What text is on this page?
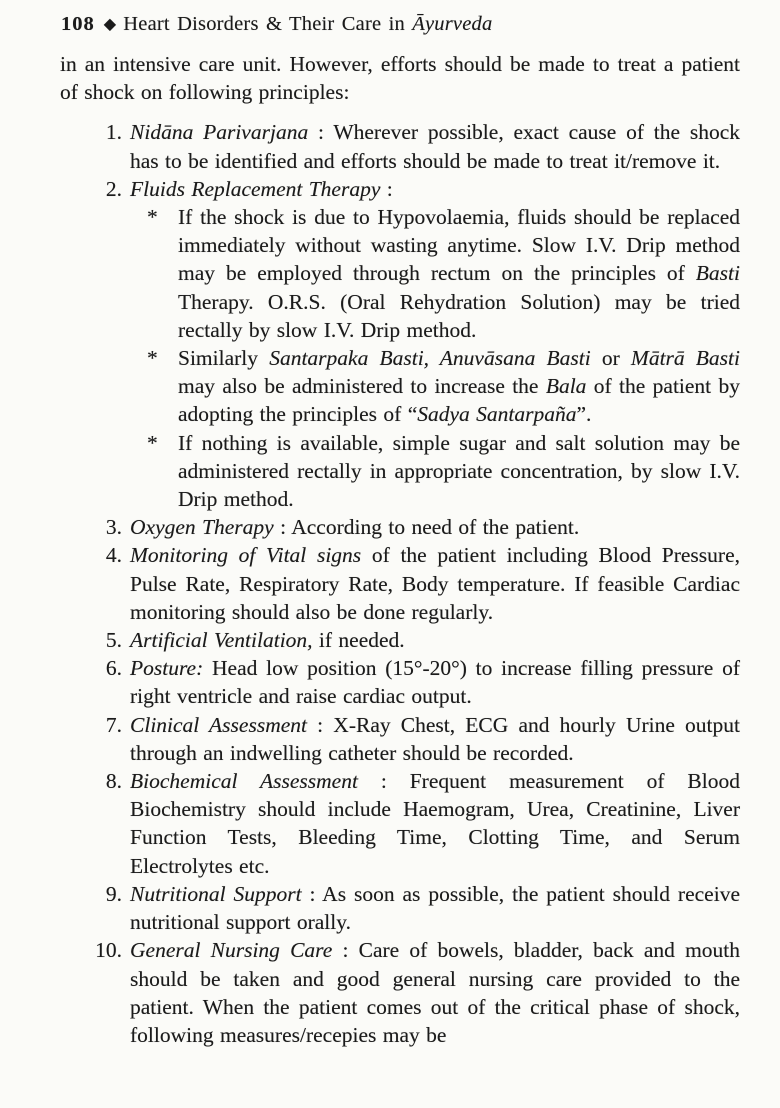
108 ◆ Heart Disorders & Their Care in Āyurveda

in an intensive care unit. However, efforts should be made to treat a patient of shock on following principles:

1. Nidāna Parivarjana : Wherever possible, exact cause of the shock has to be identified and efforts should be made to treat it/remove it.

2. Fluids Replacement Therapy :

* If the shock is due to Hypovolaemia, fluids should be replaced immediately without wasting anytime. Slow I.V. Drip method may be employed through rectum on the principles of Basti Therapy. O.R.S. (Oral Rehydration Solution) may be tried rectally by slow I.V. Drip method.

* Similarly Santarpaka Basti, Anuvāsana Basti or Mātrā Basti may also be administered to increase the Bala of the patient by adopting the principles of “Sadya Santarpaña”.

* If nothing is available, simple sugar and salt solution may be administered rectally in appropriate concentration, by slow I.V. Drip method.

3. Oxygen Therapy : According to need of the patient.

4. Monitoring of Vital signs of the patient including Blood Pressure, Pulse Rate, Respiratory Rate, Body temperature. If feasible Cardiac monitoring should also be done regularly.

5. Artificial Ventilation, if needed.

6. Posture: Head low position (15°-20°) to increase filling pressure of right ventricle and raise cardiac output.

7. Clinical Assessment : X-Ray Chest, ECG and hourly Urine output through an indwelling catheter should be recorded.

8. Biochemical Assessment : Frequent measurement of Blood Biochemistry should include Haemogram, Urea, Creatinine, Liver Function Tests, Bleeding Time, Clotting Time, and Serum Electrolytes etc.

9. Nutritional Support : As soon as possible, the patient should receive nutritional support orally.

10. General Nursing Care : Care of bowels, bladder, back and mouth should be taken and good general nursing care provided to the patient. When the patient comes out of the critical phase of shock, following measures/recepies may be
